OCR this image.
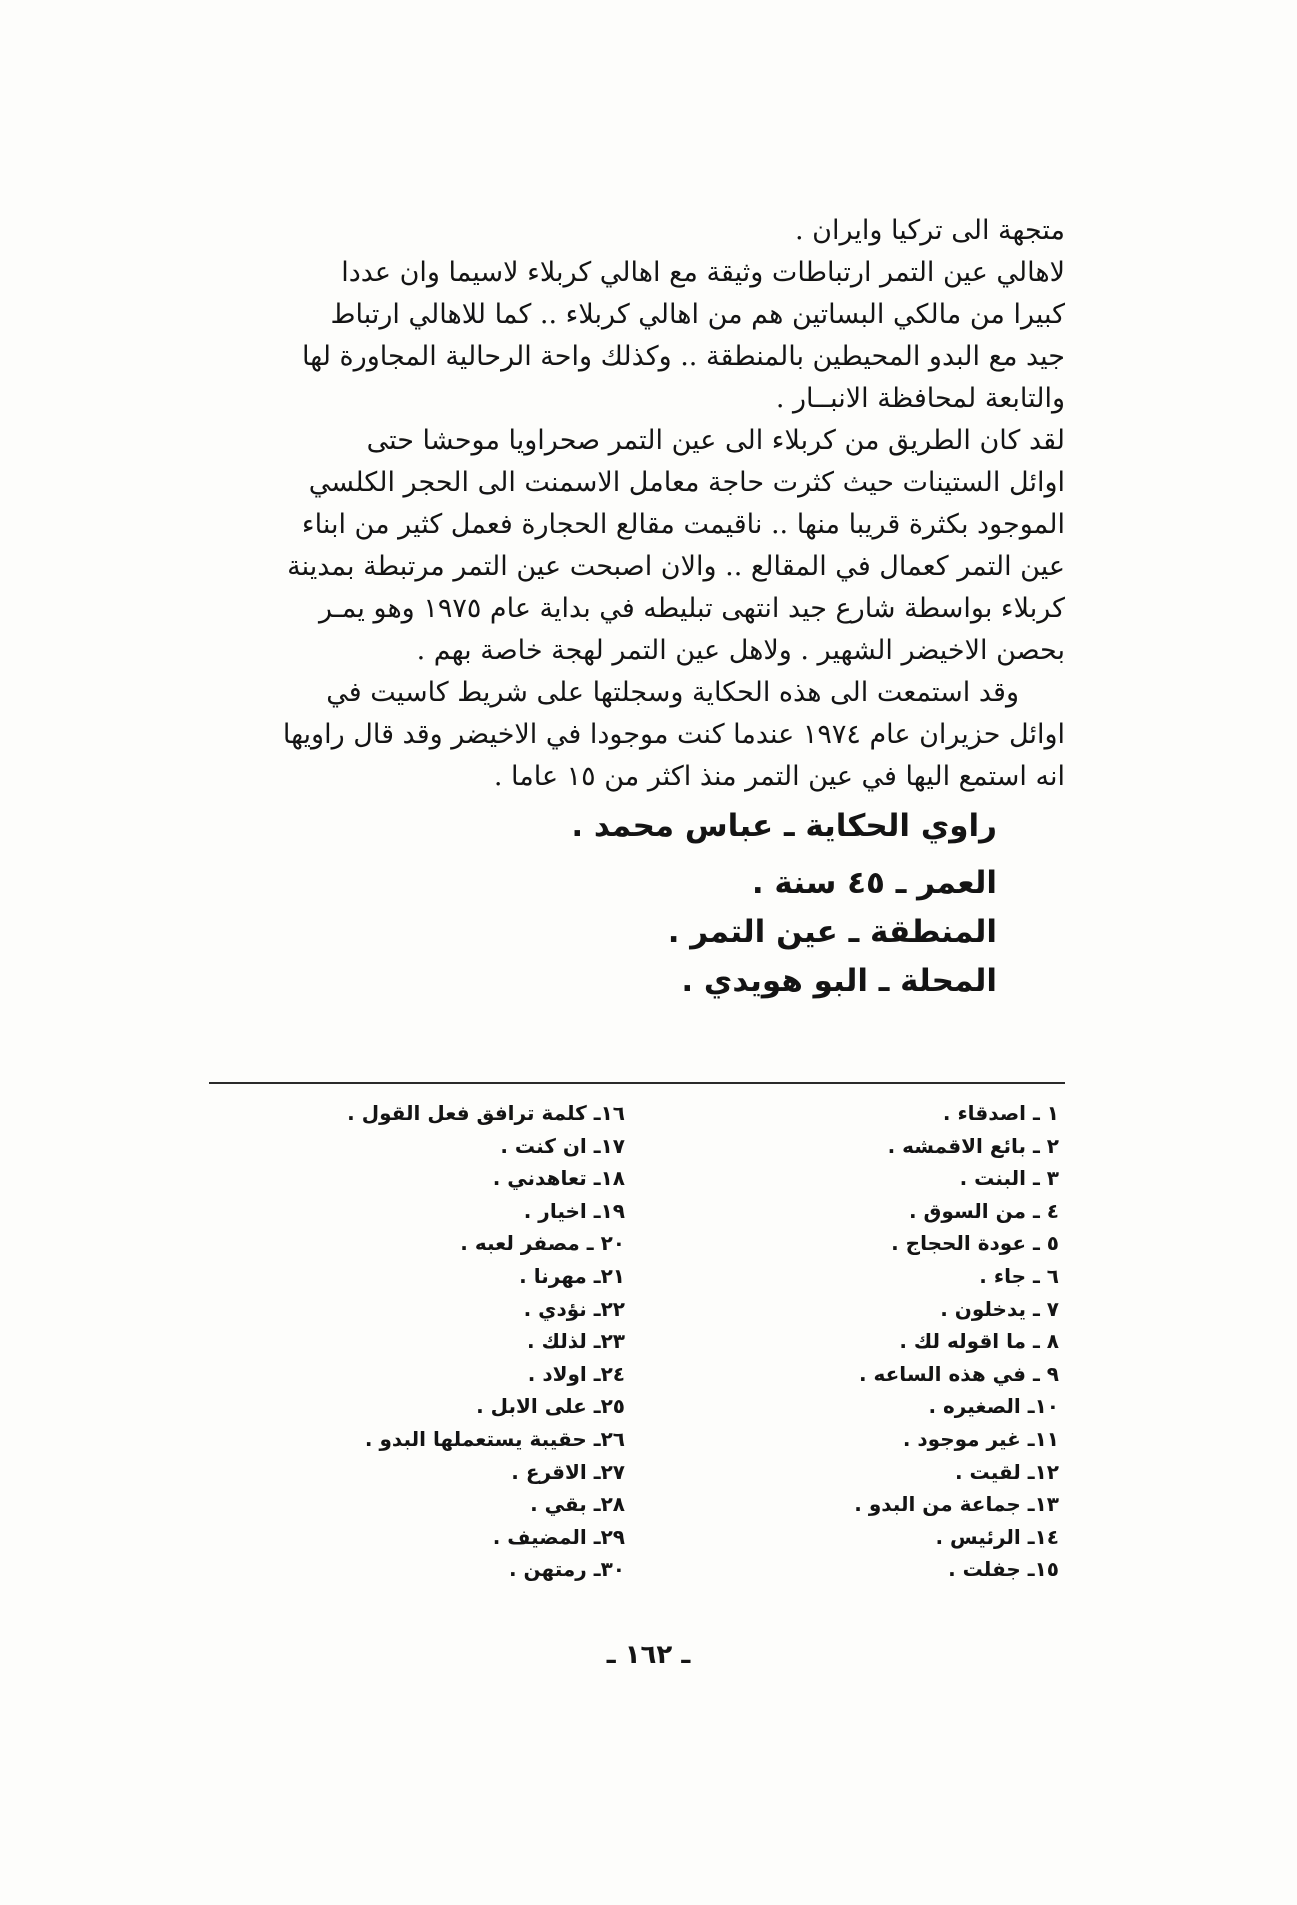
متجهة الى تركيا وايران .
لاهالي عين التمر ارتباطات وثيقة مع اهالي كربلاء لاسيما وان عددا
كبيرا من مالكي البساتين هم من اهالي كربلاء .. كما للاهالي ارتباط
جيد مع البدو المحيطين بالمنطقة .. وكذلك واحة الرحالية المجاورة لها
والتابعة لمحافظة الانبــار .
لقد كان الطريق من كربلاء الى عين التمر صحراويا موحشا حتى
اوائل الستينات حيث كثرت حاجة معامل الاسمنت الى الحجر الكلسي
الموجود بكثرة قريبا منها .. ناقيمت مقالع الحجارة فعمل كثير من ابناء
عين التمر كعمال في المقالع .. والان اصبحت عين التمر مرتبطة بمدينة
كربلاء بواسطة شارع جيد انتهى تبليطه في بداية عام ١٩٧٥ وهو يمـر
بحصن الاخيضر الشهير . ولاهل عين التمر لهجة خاصة بهم .
وقد استمعت الى هذه الحكاية وسجلتها على شريط كاسيت في
اوائل حزيران عام ١٩٧٤ عندما كنت موجودا في الاخيضر وقد قال راويها
انه استمع اليها في عين التمر منذ اكثر من ١٥ عاما .
راوي الحكاية ـ عباس محمد .
العمر ـ ٤٥ سنة .
المنطقة ـ عين التمر .
المحلة ـ البو هويدي .
١ ـ اصدقاء .
٢ ـ بائع الاقمشه .
٣ ـ البنت .
٤ ـ من السوق .
٥ ـ عودة الحجاج .
٦ ـ جاء .
٧ ـ يدخلون .
٨ ـ ما اقوله لك .
٩ ـ في هذه الساعه .
١٠ـ الصغيره .
١١ـ غير موجود .
١٢ـ لقيت .
١٣ـ جماعة من البدو .
١٤ـ الرئيس .
١٥ـ جفلت .
١٦ـ كلمة ترافق فعل القول .
١٧ـ ان كنت .
١٨ـ تعاهدني .
١٩ـ اخيار .
٢٠ ـ مصفر لعبه .
٢١ـ مهرنا .
٢٢ـ نؤدي .
٢٣ـ لذلك .
٢٤ـ اولاد .
٢٥ـ على الابل .
٢٦ـ حقيبة يستعملها البدو .
٢٧ـ الاقرع .
٢٨ـ بقي .
٢٩ـ المضيف .
٣٠ـ رمتهن .
ـ ١٦٢ ـ
